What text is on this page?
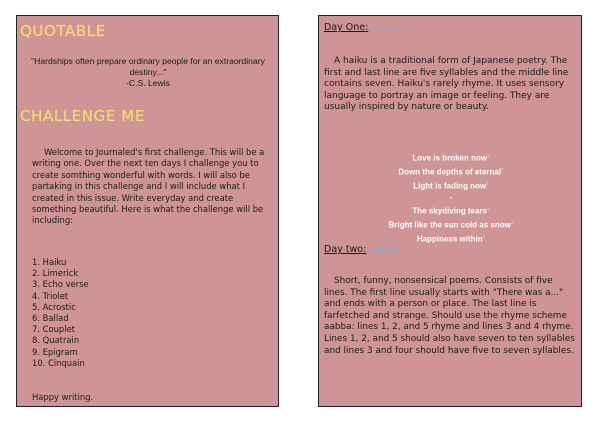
QUOTABLE
"Hardships often prepare ordinary people for an extraordinary destiny..."
-C.S. Lewis
CHALLENGE ME
Welcome to Journaled's first challenge. This will be a writing one. Over the next ten days I challenge you to create somthing wonderful with words. I will also be partaking in this challenge and I will include what I created in this issue. Write everyday and create something beautiful. Here is what the challenge will be including:
1. Haiku
2. Limerick
3. Echo verse
4. Triolet
5. Acrostic
6. Ballad
7. Couplet
8. Quatrain
9. Epigram
10. Cinquain
Happy writing.
Day One: Haiku
A haiku is a traditional form of Japanese poetry. The first and last line are five syllables and the middle line contains seven. Haiku's rarely rhyme. It uses sensory language to portray an image or feeling. They are usually inspired by nature or beauty.
Love is broken now$^5$
Down the depths of eternal$^7$
Light is fading now$^5$
-
The skydiving tears$^5$
Bright like the sun cold as snow$^7$
Happiness within$^5$
Day two: Limerick
Short, funny, nonsensical poems. Consists of five lines. The first line usually starts with "There was a..." and ends with a person or place. The last line is farfetched and strange. Should use the rhyme scheme aabba: lines 1, 2, and 5 rhyme and lines 3 and 4 rhyme. Lines 1, 2, and 5 should also have seven to ten syllables and lines 3 and four should have five to seven syllables.
